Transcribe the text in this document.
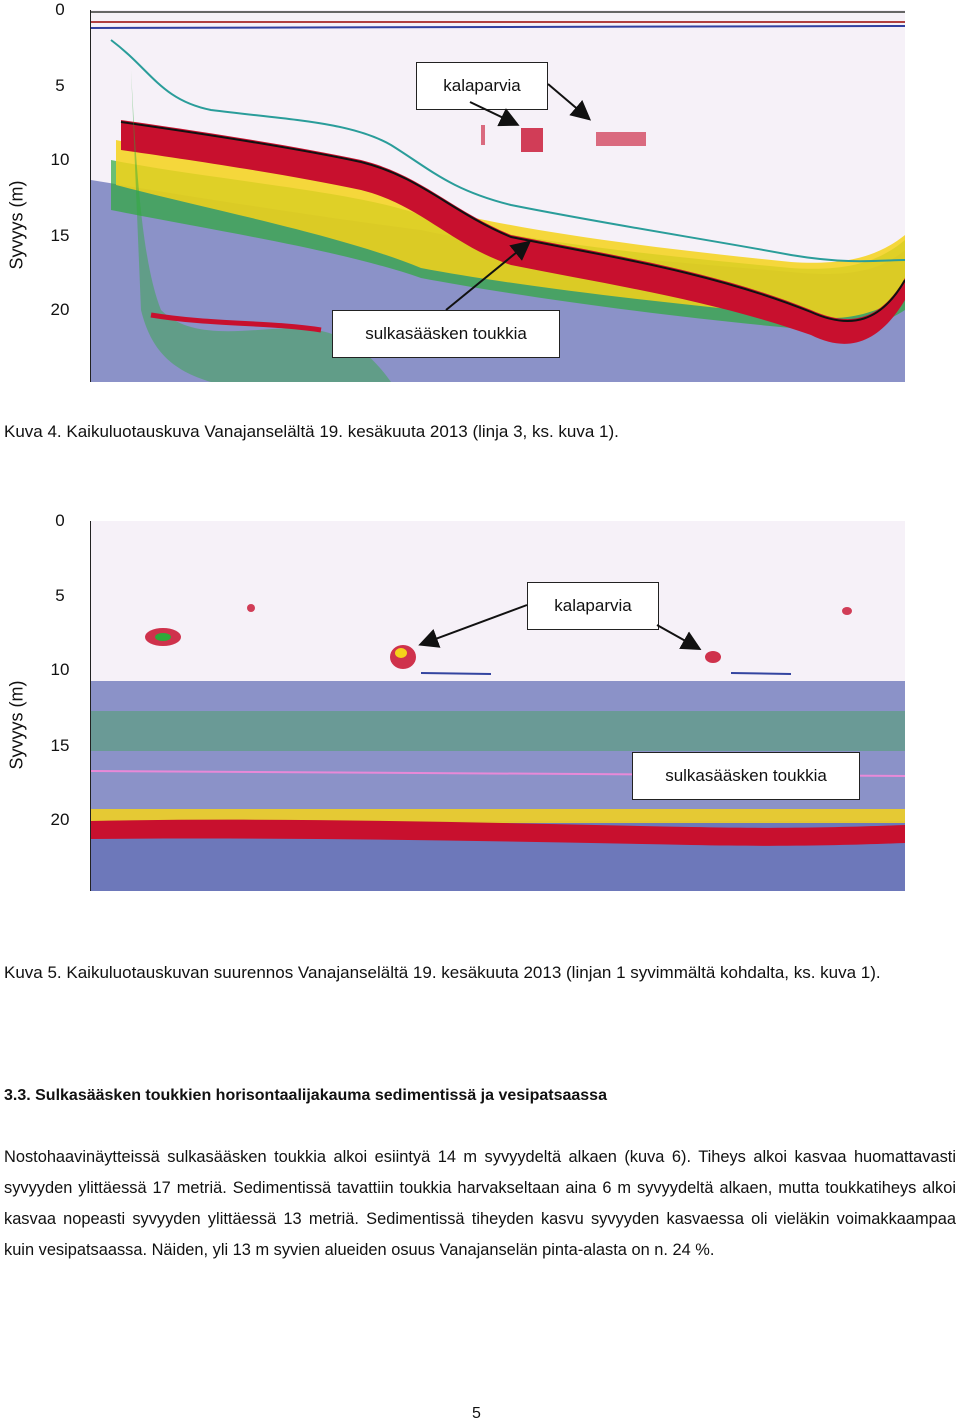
Syvyys (m)
0
5
10
15
20
kalaparvia
sulkasääsken toukkia
Kuva 4. Kaikuluotauskuva Vanajanselältä 19. kesäkuuta 2013 (linja 3, ks. kuva 1).
Syvyys (m)
0
5
10
15
20
kalaparvia
sulkasääsken toukkia
Kuva 5. Kaikuluotauskuvan suurennos Vanajanselältä 19. kesäkuuta 2013 (linjan 1 syvimmältä kohdalta, ks. kuva 1).
3.3. Sulkasääsken toukkien horisontaalijakauma sedimentissä ja vesipatsaassa
Nostohaavinäytteissä sulkasääsken toukkia alkoi esiintyä 14 m syvyydeltä alkaen (kuva 6). Tiheys alkoi kasvaa huomattavasti syvyyden ylittäessä 17 metriä. Sedimentissä tavattiin toukkia harvakseltaan aina 6 m syvyydeltä alkaen, mutta toukkatiheys alkoi kasvaa nopeasti syvyyden ylittäessä 13 metriä. Sedimentissä tiheyden kasvu syvyyden kasvaessa oli vieläkin voimakkaampaa kuin vesipatsaassa. Näiden, yli 13 m syvien alueiden osuus Vanajanselän pinta-alasta on n. 24 %.
5
